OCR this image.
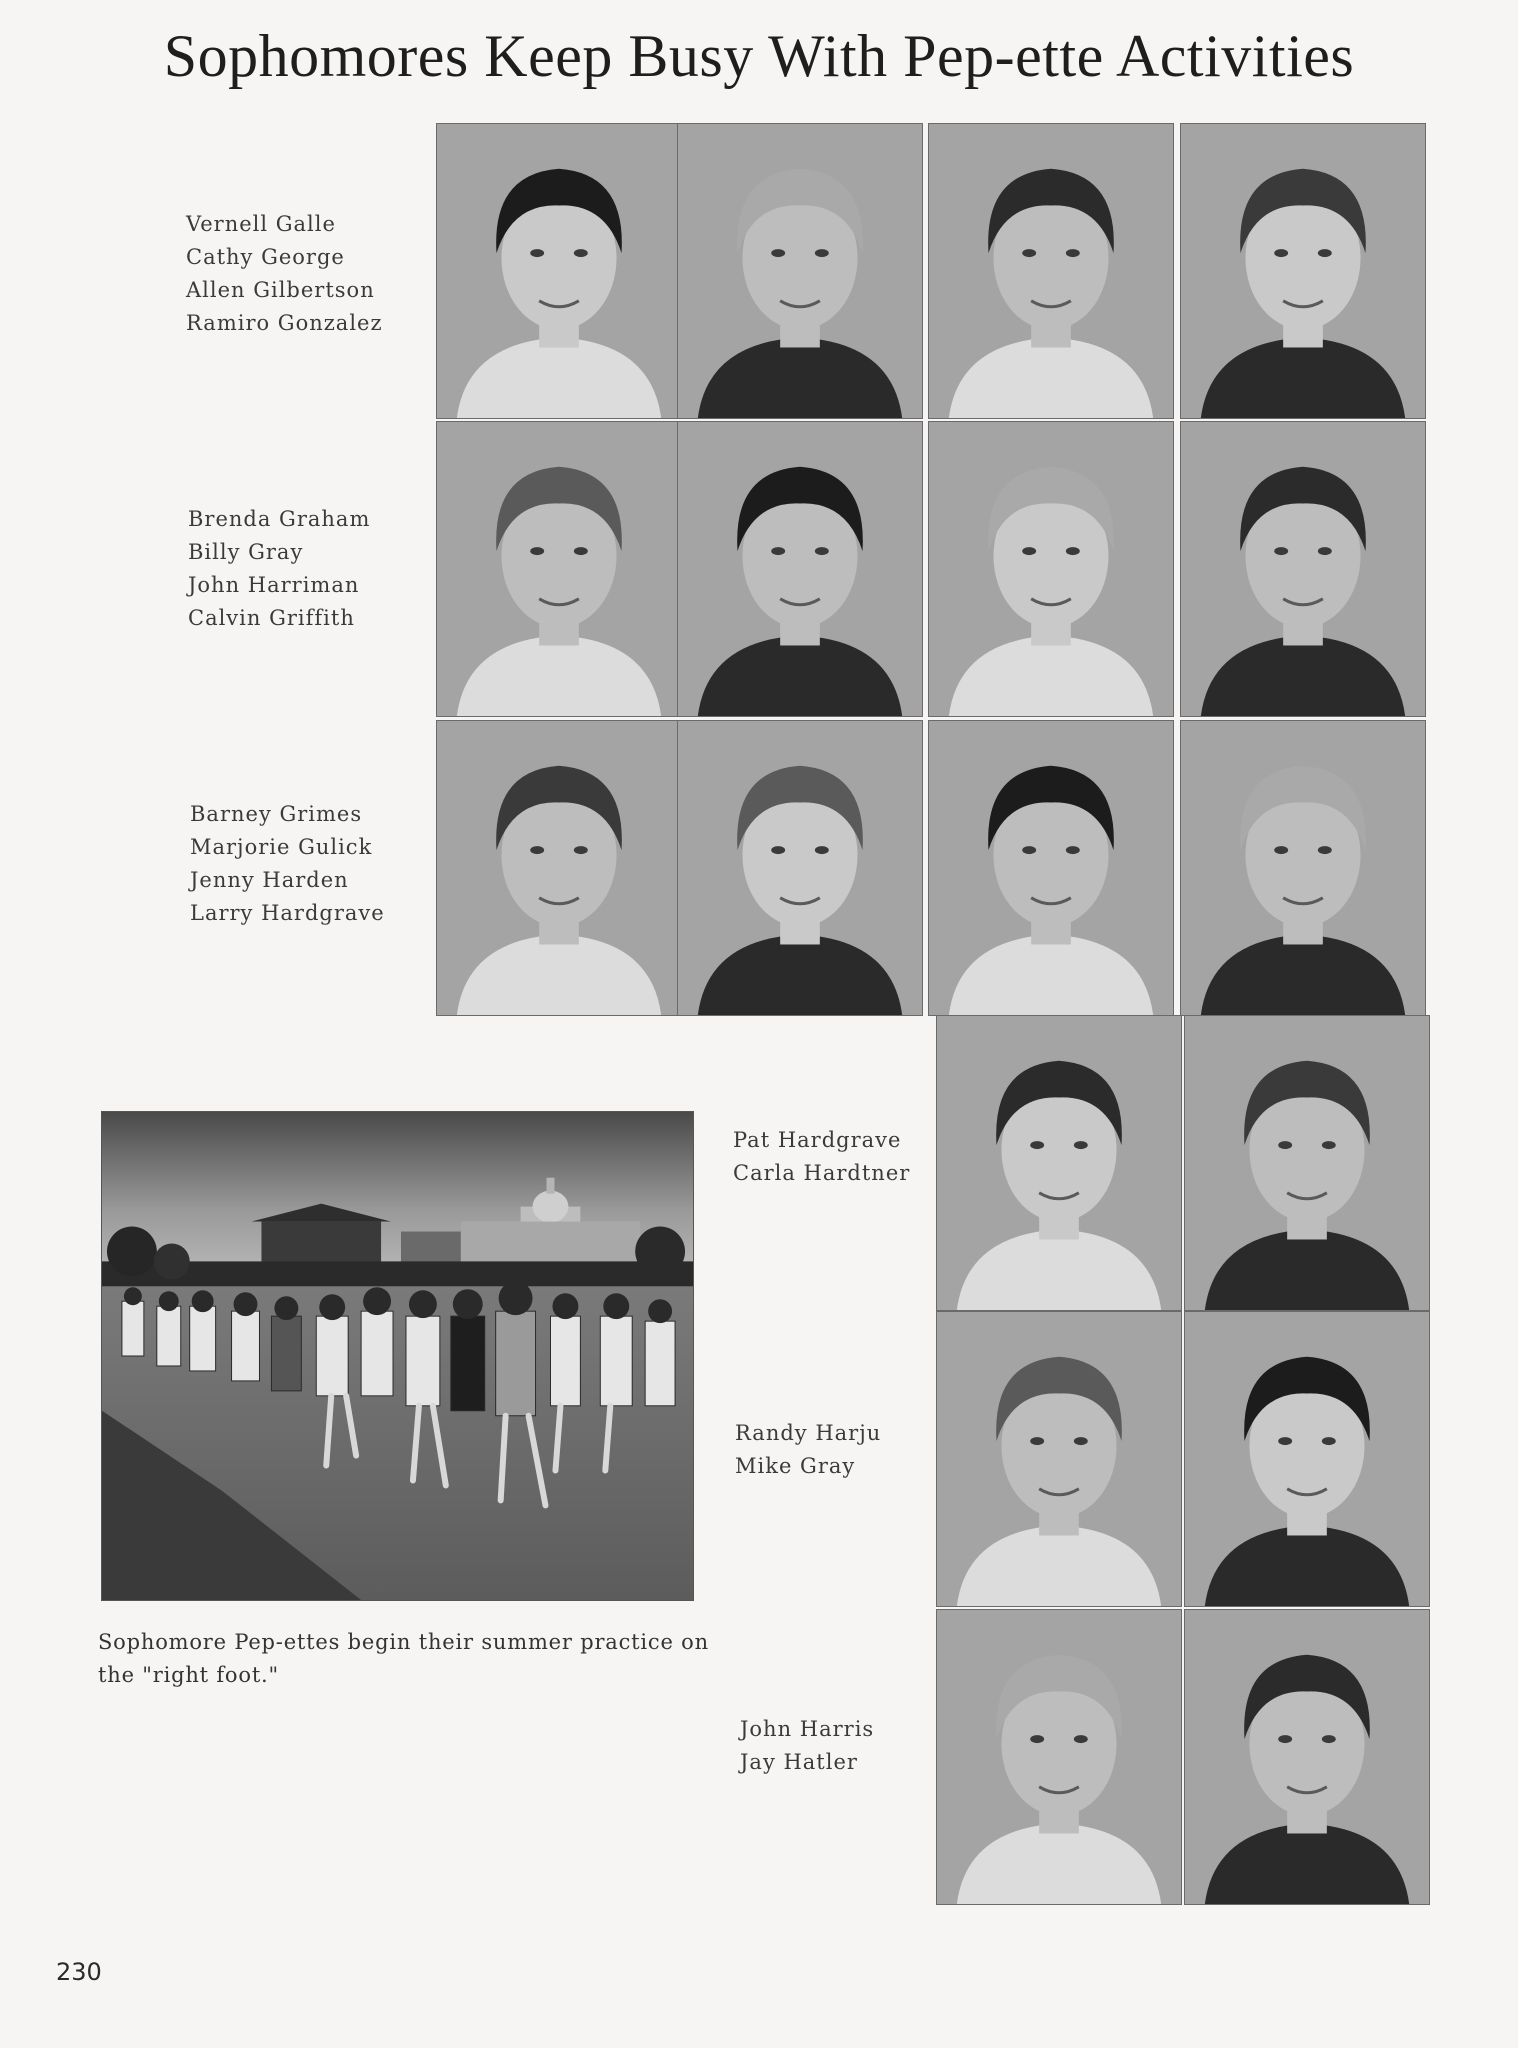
Sophomores Keep Busy With Pep-ette Activities
Vernell Galle
Cathy George
Allen Gilbertson
Ramiro Gonzalez
Brenda Graham
Billy Gray
John Harriman
Calvin Griffith
Barney Grimes
Marjorie Gulick
Jenny Harden
Larry Hardgrave
Pat Hardgrave
Carla Hardtner
Randy Harju
Mike Gray
John Harris
Jay Hatler
Sophomore Pep-ettes begin their summer practice on the "right foot."
230
